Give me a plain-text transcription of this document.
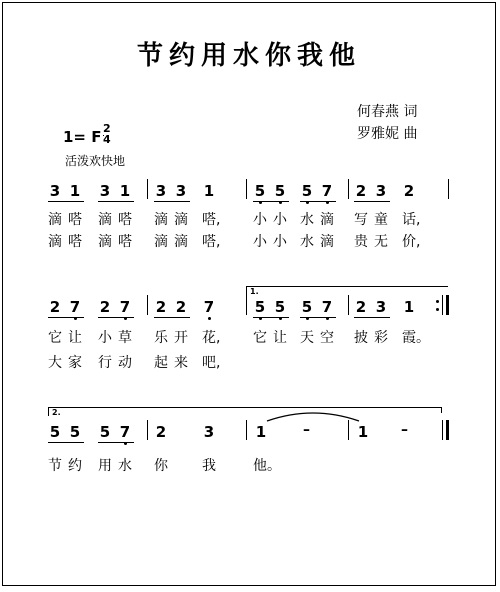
节约用水你我他
何春燕 词
罗雅妮 曲
1= F 2
4
活泼欢快地
3 1 3 1 3 3 1	5 5 5 7 2 3 2
滴 嗒 滴 嗒 滴 滴 嗒, 小 小 水 滴 写 童 话,
滴 嗒 滴 嗒 滴 滴 嗒, 小 小 水 滴 贵 无 价,
1.
2 7 2 7 2 2 7	5 5 5 7 2 3 1
它 让 小 草 乐 开 花, 它 让 天 空 披 彩 霞。
大 家 行 动 起 来 吧,
2.
5 5 5 7 2	3	1	–	1 –
节 约 用 水 你 我	他。
